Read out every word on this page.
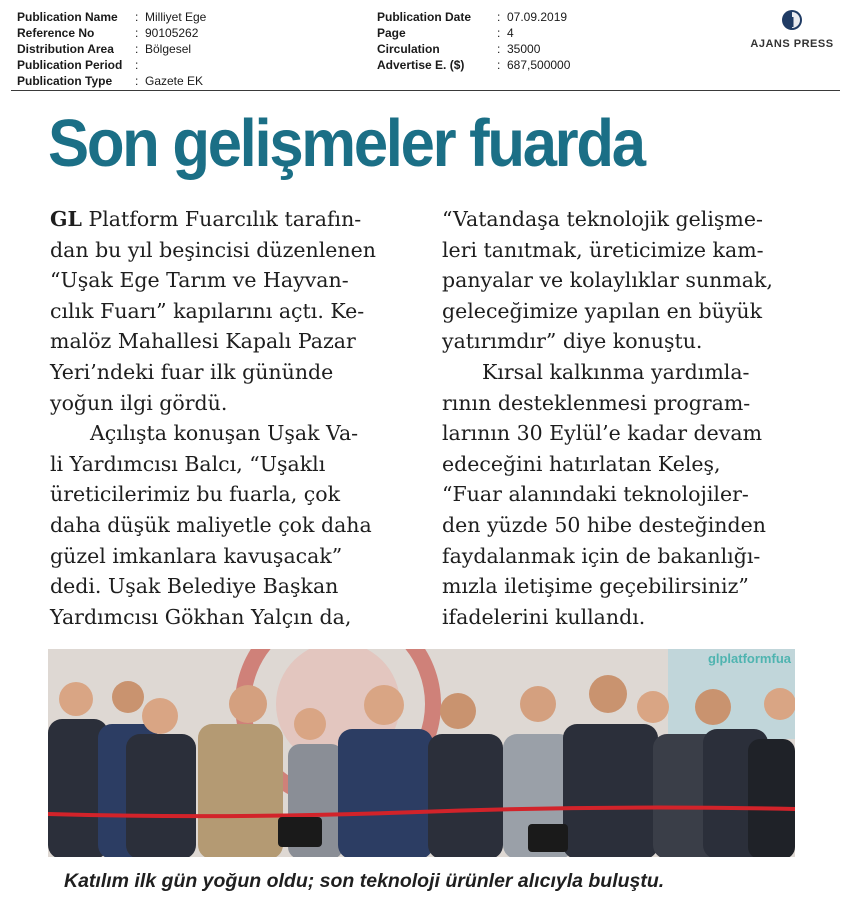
Publication Name	: Milliyet Ege
Reference No	: 90105262
Distribution Area	: Bölgesel
Publication Period	:
Publication Type	: Gazete EK
Publication Date	: 07.09.2019
Page	: 4
Circulation	: 35000
Advertise E. ($)	: 687,500000
AJANS PRESS
Son gelişmeler fuarda
GL Platform Fuarcılık tarafın-
dan bu yıl beşincisi düzenlenen
“Uşak Ege Tarım ve Hayvan-
cılık Fuarı” kapılarını açtı. Ke-
malöz Mahallesi Kapalı Pazar
Yeri’ndeki fuar ilk gününde
yoğun ilgi gördü.
Açılışta konuşan Uşak Va-
li Yardımcısı Balcı, “Uşaklı
üreticilerimiz bu fuarla, çok
daha düşük maliyetle çok daha
güzel imkanlara kavuşacak”
dedi. Uşak Belediye Başkan
Yardımcısı Gökhan Yalçın da,
“Vatandaşa teknolojik gelişme-
leri tanıtmak, üreticimize kam-
panyalar ve kolaylıklar sunmak,
geleceğimize yapılan en büyük
yatırımdır” diye konuştu.
Kırsal kalkınma yardımla-
rının desteklenmesi program-
larının 30 Eylül’e kadar devam
edeceğini hatırlatan Keleş,
“Fuar alanındaki teknolojiler-
den yüzde 50 hibe desteğinden
faydalanmak için de bakanlığı-
mızla iletişime geçebilirsiniz”
ifadelerini kullandı.
glplatformfua
Katılım ilk gün yoğun oldu; son teknoloji ürünler alıcıyla buluştu.
